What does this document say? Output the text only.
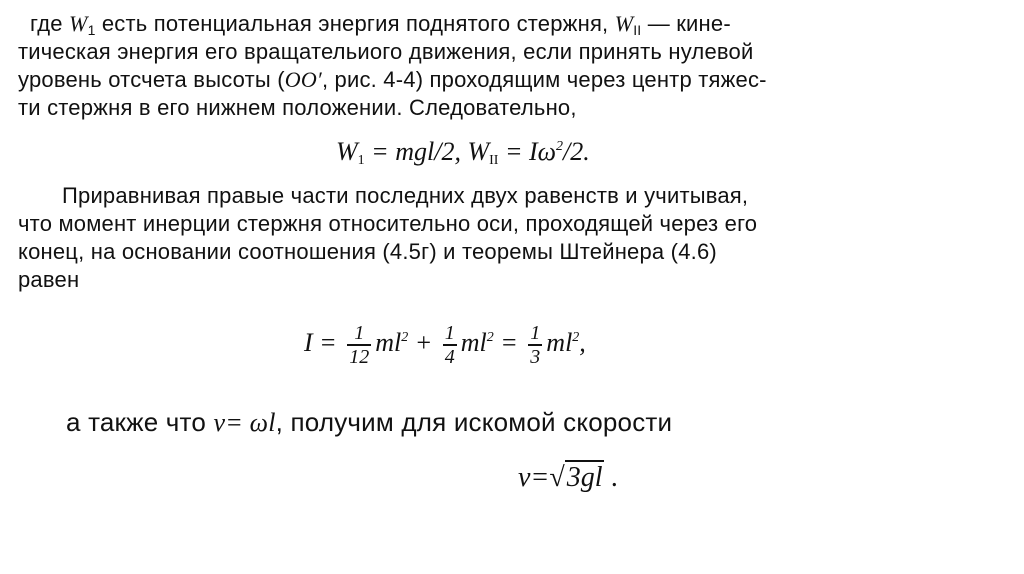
где $W_1$ есть потенциальная энергия поднятого стержня, $W_{II}$ — кине-
тическая энергия его вращательиого движения, если принять нулевой
уровень отсчета высоты (ОО′, рис. 4-4) проходящим через центр тяжес-
ти стержня в его нижнем положении. Следовательно,
$W_1 = mgl/2$, $W_{II} = I\omega^2/2$.
Приравнивая правые части последних двух равенств и учитывая,
что момент инерции стержня относительно оси, проходящей через его
конец, на основании соотношения (4.5г) и теоремы Штейнера (4.6)
равен
$I = \frac{1}{12} ml^2 + \frac{1}{4} ml^2 = \frac{1}{3} ml^2$,
а также что v= ωl, получим для искомой скорости
v=√3gl .
